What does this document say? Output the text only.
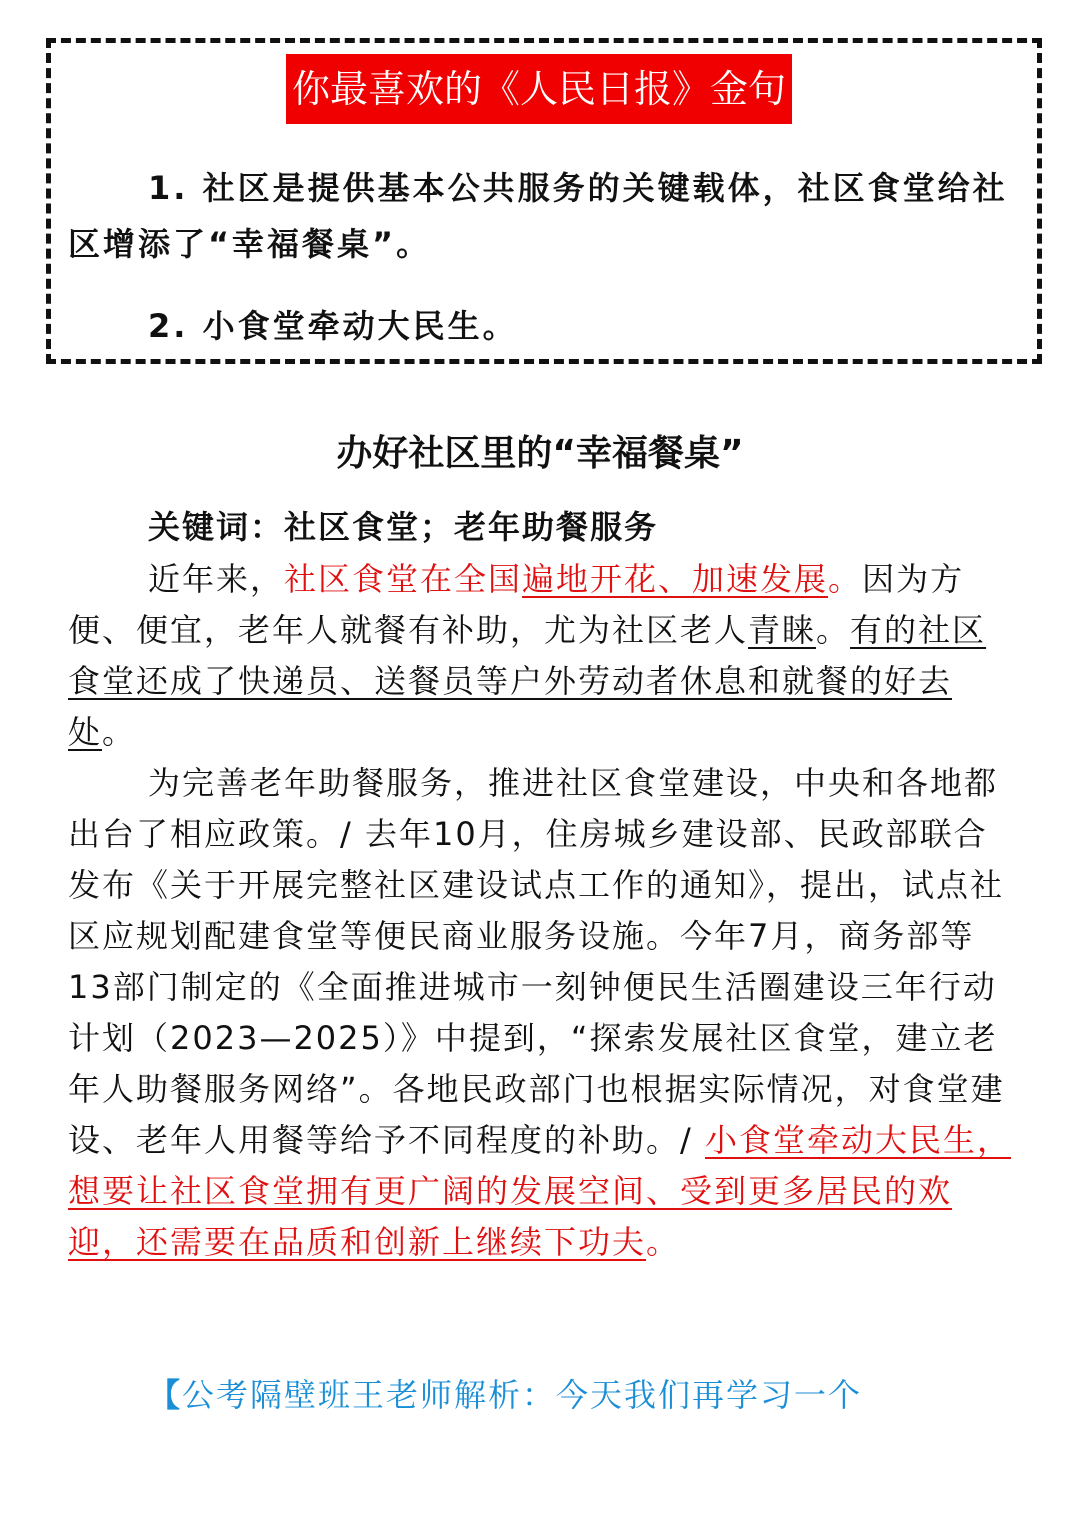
你最喜欢的《人民日报》金句
1. 社区是提供基本公共服务的关键载体，社区食堂给社区增添了“幸福餐桌”。
2. 小食堂牵动大民生。
办好社区里的“幸福餐桌”
关键词：社区食堂；老年助餐服务
近年来，社区食堂在全国遍地开花、加速发展。因为方便、便宜，老年人就餐有补助，尤为社区老人青睐。有的社区食堂还成了快递员、送餐员等户外劳动者休息和就餐的好去处。
为完善老年助餐服务，推进社区食堂建设，中央和各地都出台了相应政策。/ 去年10月，住房城乡建设部、民政部联合发布《关于开展完整社区建设试点工作的通知》，提出，试点社区应规划配建食堂等便民商业服务设施。今年7月，商务部等13部门制定的《全面推进城市一刻钟便民生活圈建设三年行动计划（2023—2025）》中提到，“探索发展社区食堂，建立老年人助餐服务网络”。各地民政部门也根据实际情况，对食堂建设、老年人用餐等给予不同程度的补助。/ 小食堂牵动大民生，想要让社区食堂拥有更广阔的发展空间、受到更多居民的欢迎，还需要在品质和创新上继续下功夫。
【公考隔壁班王老师解析：今天我们再学习一个
